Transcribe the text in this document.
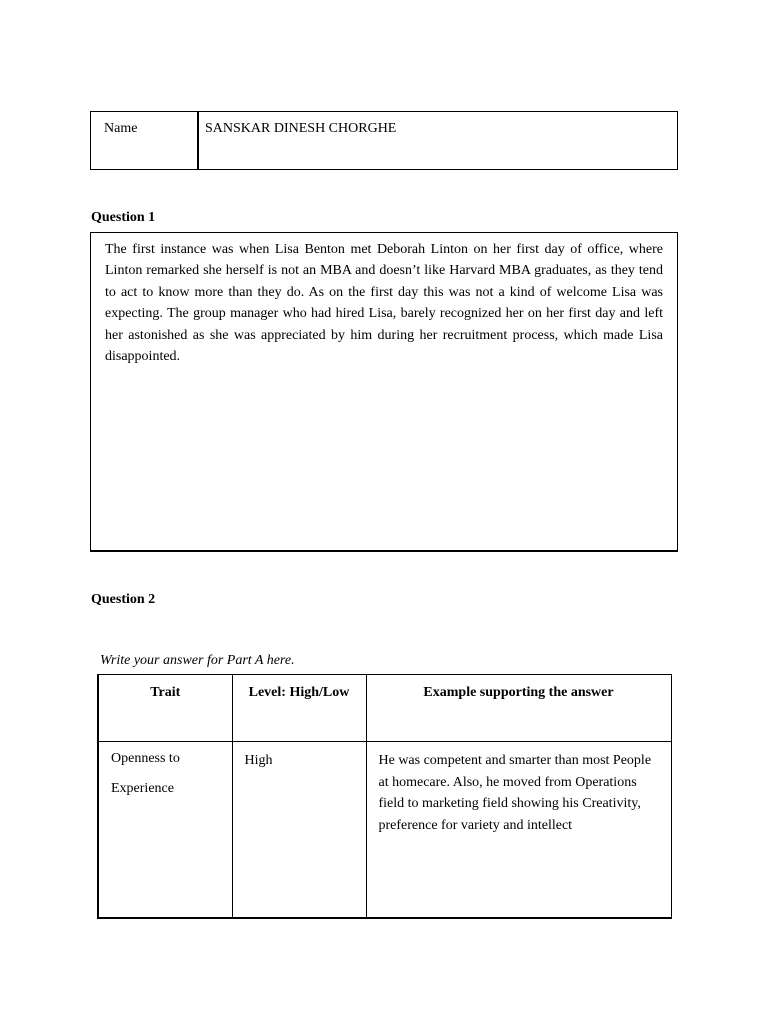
Name	SANSKAR DINESH CHORGHE
Question 1

The first instance was when Lisa Benton met Deborah Linton on her first day of office, where Linton remarked she herself is not an MBA and doesn’t like Harvard MBA graduates, as they tend to act to know more than they do. As on the first day this was not a kind of welcome Lisa was expecting. The group manager who had hired Lisa, barely recognized her on her first day and left her astonished as she was appreciated by him during her recruitment process, which made Lisa disappointed.

Question 2
Write your answer for Part A here.
Trait	Level: High/Low	Example supporting the answer

Openness to
Experience	High	He was competent and smarter than most People at homecare. Also, he moved from Operations field to marketing field showing his Creativity, preference for variety and intellect
